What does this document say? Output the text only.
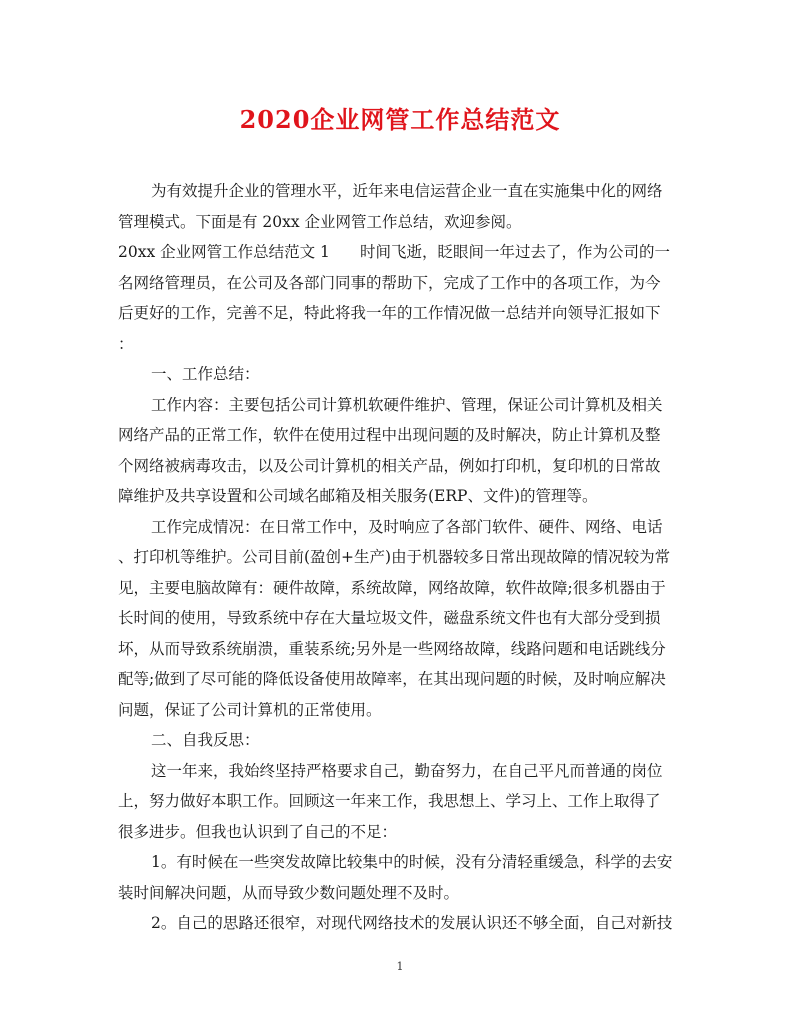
2020企业网管工作总结范文
为有效提升企业的管理水平，近年来电信运营企业一直在实施集中化的网络
管理模式。下面是有 20xx 企业网管工作总结，欢迎参阅。
20xx 企业网管工作总结范文 1 时间飞逝，眨眼间一年过去了，作为公司的一
名网络管理员，在公司及各部门同事的帮助下，完成了工作中的各项工作，为今
后更好的工作，完善不足，特此将我一年的工作情况做一总结并向领导汇报如下
：
一、工作总结：
工作内容：主要包括公司计算机软硬件维护、管理，保证公司计算机及相关
网络产品的正常工作，软件在使用过程中出现问题的及时解决，防止计算机及整
个网络被病毒攻击，以及公司计算机的相关产品，例如打印机，复印机的日常故
障维护及共享设置和公司域名邮箱及相关服务(ERP、文件)的管理等。
工作完成情况：在日常工作中，及时响应了各部门软件、硬件、网络、电话
、打印机等维护。公司目前(盈创+生产)由于机器较多日常出现故障的情况较为常
见，主要电脑故障有：硬件故障，系统故障，网络故障，软件故障;很多机器由于
长时间的使用，导致系统中存在大量垃圾文件，磁盘系统文件也有大部分受到损
坏，从而导致系统崩溃，重装系统;另外是一些网络故障，线路问题和电话跳线分
配等;做到了尽可能的降低设备使用故障率，在其出现问题的时候，及时响应解决
问题，保证了公司计算机的正常使用。
二、自我反思：
这一年来，我始终坚持严格要求自己，勤奋努力，在自己平凡而普通的岗位
上，努力做好本职工作。回顾这一年来工作，我思想上、学习上、工作上取得了
很多进步。但我也认识到了自己的不足：
1。有时候在一些突发故障比较集中的时候，没有分清轻重缓急，科学的去安
装时间解决问题，从而导致少数问题处理不及时。
2。自己的思路还很窄，对现代网络技术的发展认识还不够全面，自己对新技
1
